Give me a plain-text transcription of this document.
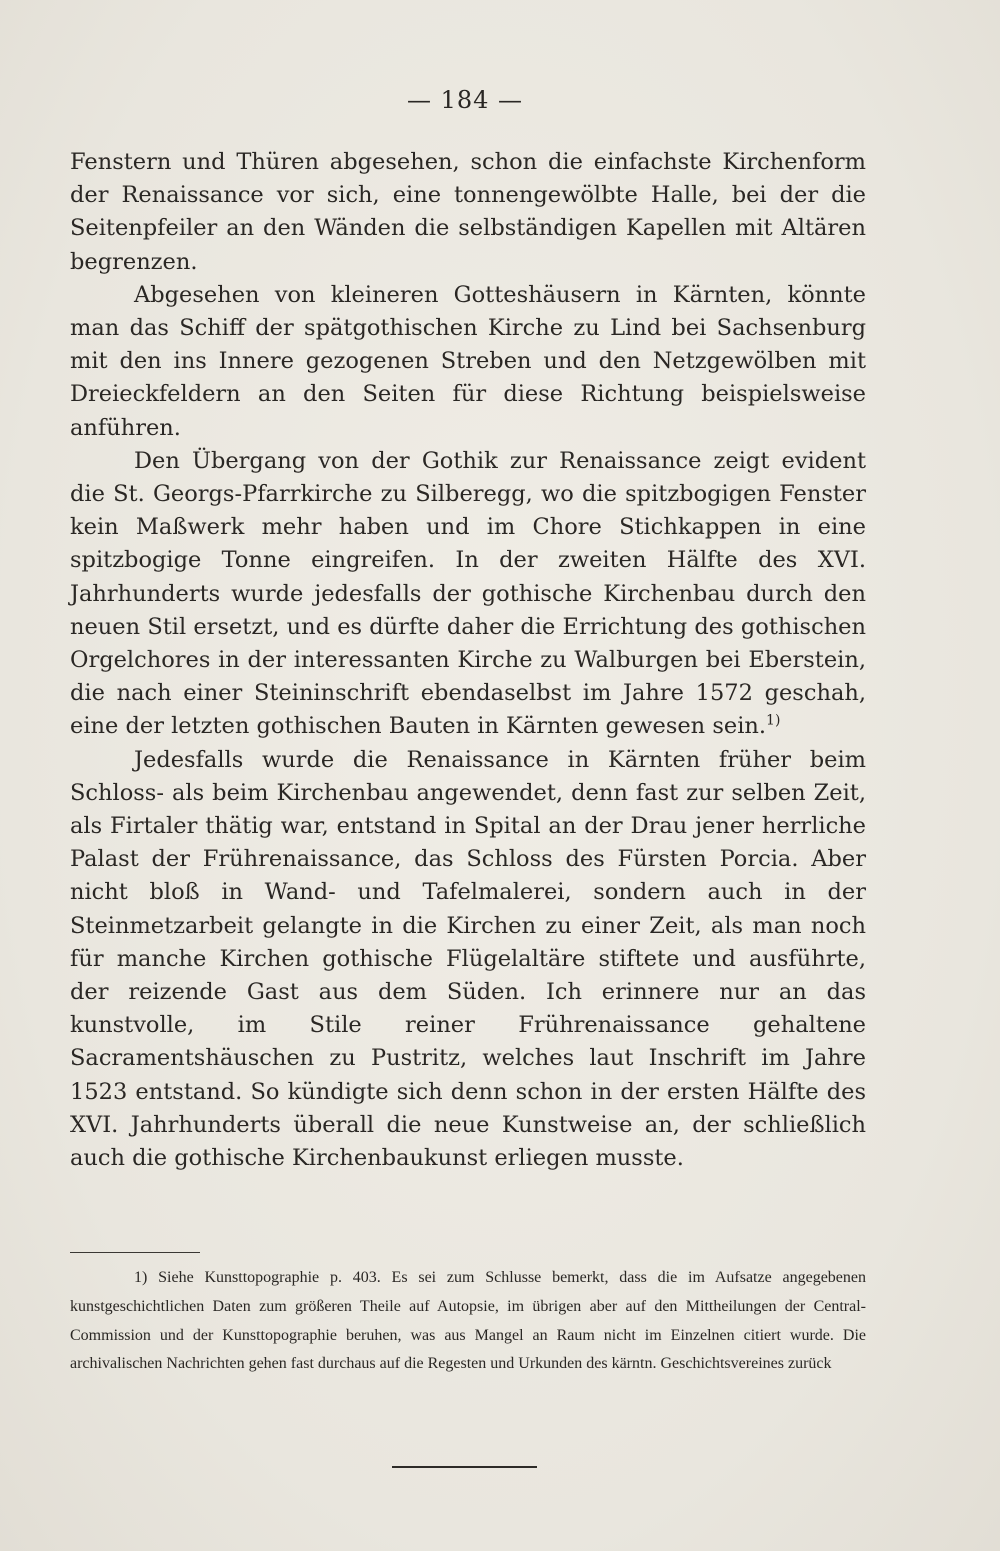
— 184 —

Fenstern und Thüren abgesehen, schon die einfachste Kirchenform der Renaissance vor sich, eine tonnengewölbte Halle, bei der die Seitenpfeiler an den Wänden die selbständigen Kapellen mit Altären begrenzen.

Abgesehen von kleineren Gotteshäusern in Kärnten, könnte man das Schiff der spätgothischen Kirche zu Lind bei Sachsenburg mit den ins Innere gezogenen Streben und den Netzgewölben mit Dreieckfeldern an den Seiten für diese Richtung beispielsweise anführen.

Den Übergang von der Gothik zur Renaissance zeigt evident die St. Georgs-Pfarrkirche zu Silberegg, wo die spitzbogigen Fenster kein Maßwerk mehr haben und im Chore Stichkappen in eine spitzbogige Tonne eingreifen. In der zweiten Hälfte des XVI. Jahrhunderts wurde jedesfalls der gothische Kirchenbau durch den neuen Stil ersetzt, und es dürfte daher die Errichtung des gothischen Orgelchores in der interessanten Kirche zu Walburgen bei Eberstein, die nach einer Steininschrift ebendaselbst im Jahre 1572 geschah, eine der letzten gothischen Bauten in Kärnten gewesen sein.$^{1)}$

Jedesfalls wurde die Renaissance in Kärnten früher beim Schloss- als beim Kirchenbau angewendet, denn fast zur selben Zeit, als Firtaler thätig war, entstand in Spital an der Drau jener herrliche Palast der Frührenaissance, das Schloss des Fürsten Porcia. Aber nicht bloß in Wand- und Tafelmalerei, sondern auch in der Steinmetzarbeit gelangte in die Kirchen zu einer Zeit, als man noch für manche Kirchen gothische Flügelaltäre stiftete und ausführte, der reizende Gast aus dem Süden. Ich erinnere nur an das kunstvolle, im Stile reiner Frührenaissance gehaltene Sacramentshäuschen zu Pustritz, welches laut Inschrift im Jahre 1523 entstand. So kündigte sich denn schon in der ersten Hälfte des XVI. Jahrhunderts überall die neue Kunstweise an, der schließlich auch die gothische Kirchenbaukunst erliegen musste.

1) Siehe Kunsttopographie p. 403. Es sei zum Schlusse bemerkt, dass die im Aufsatze angegebenen kunstgeschichtlichen Daten zum größeren Theile auf Autopsie, im übrigen aber auf den Mittheilungen der Central-Commission und der Kunsttopographie beruhen, was aus Mangel an Raum nicht im Einzelnen citiert wurde. Die archivalischen Nachrichten gehen fast durchaus auf die Regesten und Urkunden des kärntn. Geschichtsvereines zurück
